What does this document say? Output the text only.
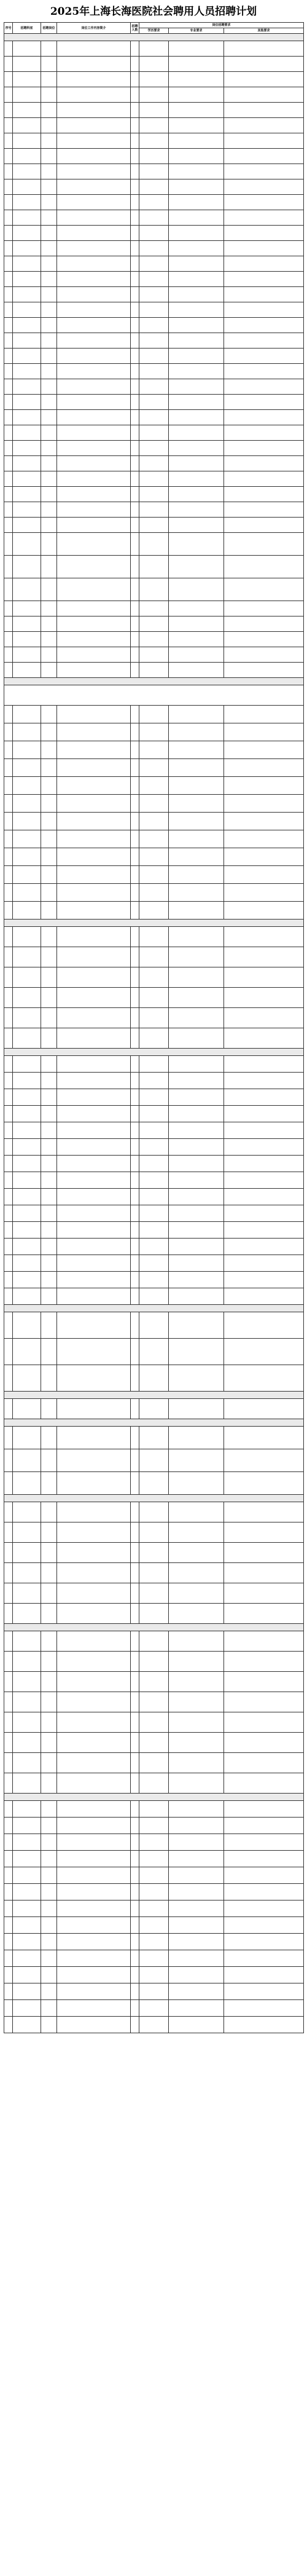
2025年上海长海医院社会聘用人员招聘计划
序号	招聘科室	招聘岗位	岗位工作内容简介	招聘人数	岗位招聘要求		
					学历要求	专业要求	其他要求
